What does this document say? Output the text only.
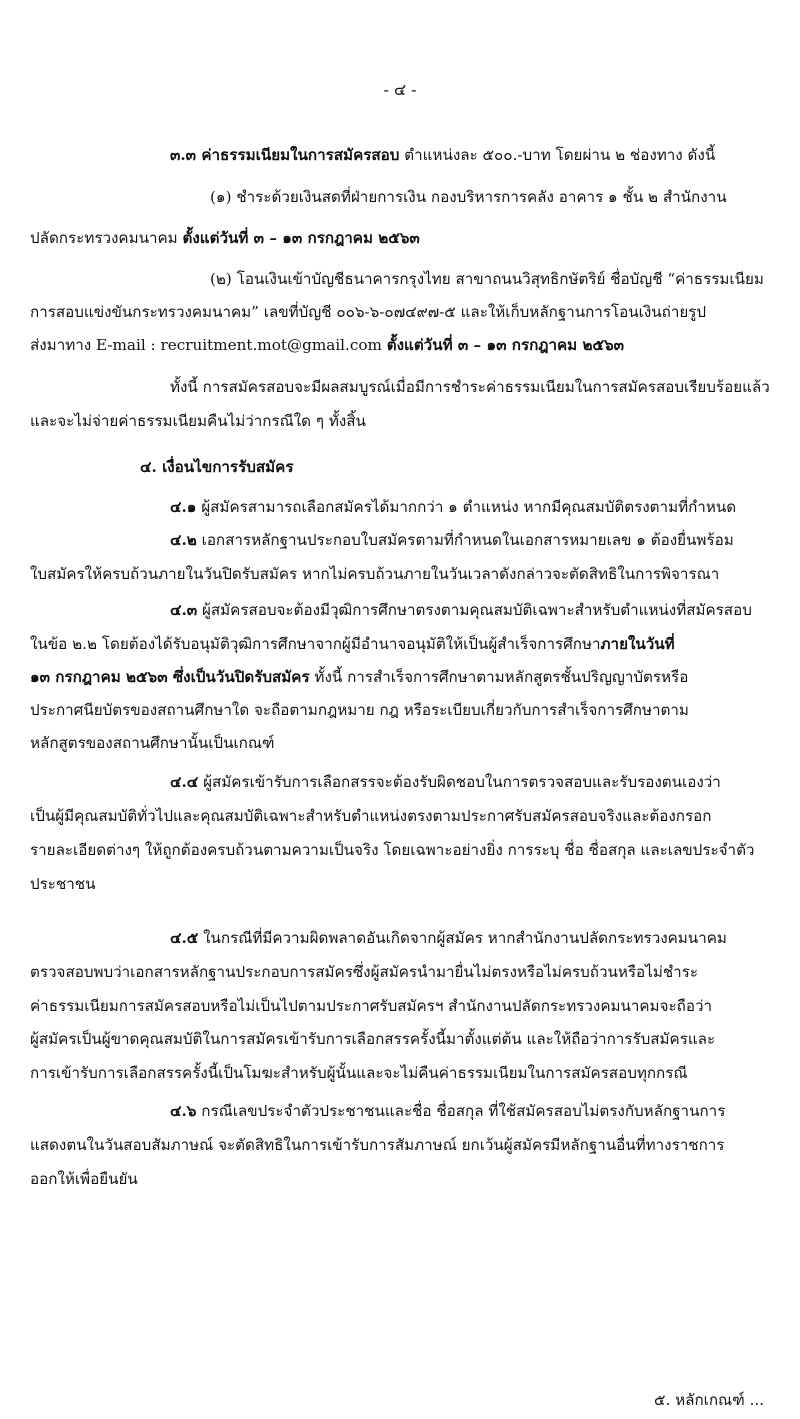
- ๔ -
๓.๓ ค่าธรรมเนียมในการสมัครสอบ ตำแหน่งละ ๕๐๐.-บาท โดยผ่าน ๒ ช่องทาง ดังนี้
(๑) ชำระด้วยเงินสดที่ฝ่ายการเงิน กองบริหารการคลัง อาคาร ๑ ชั้น ๒ สำนักงาน
ปลัดกระทรวงคมนาคม ตั้งแต่วันที่ ๓ – ๑๓ กรกฎาคม ๒๕๖๓
(๒) โอนเงินเข้าบัญชีธนาคารกรุงไทย สาขาถนนวิสุทธิกษัตริย์ ชื่อบัญชี “ค่าธรรมเนียม
การสอบแข่งขันกระทรวงคมนาคม” เลขที่บัญชี ๐๐๖-๖-๐๗๔๙๗-๕ และให้เก็บหลักฐานการโอนเงินถ่ายรูป
ส่งมาทาง E-mail : recruitment.mot@gmail.com ตั้งแต่วันที่ ๓ – ๑๓ กรกฎาคม ๒๕๖๓
ทั้งนี้ การสมัครสอบจะมีผลสมบูรณ์เมื่อมีการชำระค่าธรรมเนียมในการสมัครสอบเรียบร้อยแล้ว
และจะไม่จ่ายค่าธรรมเนียมคืนไม่ว่ากรณีใด ๆ ทั้งสิ้น
๔. เงื่อนไขการรับสมัคร
๔.๑ ผู้สมัครสามารถเลือกสมัครได้มากกว่า ๑ ตำแหน่ง หากมีคุณสมบัติตรงตามที่กำหนด
๔.๒ เอกสารหลักฐานประกอบใบสมัครตามที่กำหนดในเอกสารหมายเลข ๑ ต้องยื่นพร้อม
ใบสมัครให้ครบถ้วนภายในวันปิดรับสมัคร หากไม่ครบถ้วนภายในวันเวลาดังกล่าวจะตัดสิทธิในการพิจารณา
๔.๓ ผู้สมัครสอบจะต้องมีวุฒิการศึกษาตรงตามคุณสมบัติเฉพาะสำหรับตำแหน่งที่สมัครสอบ
ในข้อ ๒.๒ โดยต้องได้รับอนุมัติวุฒิการศึกษาจากผู้มีอำนาจอนุมัติให้เป็นผู้สำเร็จการศึกษาภายในวันที่
๑๓ กรกฎาคม ๒๕๖๓ ซึ่งเป็นวันปิดรับสมัคร ทั้งนี้ การสำเร็จการศึกษาตามหลักสูตรชั้นปริญญาบัตรหรือ
ประกาศนียบัตรของสถานศึกษาใด จะถือตามกฎหมาย กฎ หรือระเบียบเกี่ยวกับการสำเร็จการศึกษาตาม
หลักสูตรของสถานศึกษานั้นเป็นเกณฑ์
๔.๔ ผู้สมัครเข้ารับการเลือกสรรจะต้องรับผิดชอบในการตรวจสอบและรับรองตนเองว่า
เป็นผู้มีคุณสมบัติทั่วไปและคุณสมบัติเฉพาะสำหรับตำแหน่งตรงตามประกาศรับสมัครสอบจริงและต้องกรอก
รายละเอียดต่างๆ ให้ถูกต้องครบถ้วนตามความเป็นจริง โดยเฉพาะอย่างยิ่ง การระบุ ชื่อ ชื่อสกุล และเลขประจำตัว
ประชาชน
๔.๕ ในกรณีที่มีความผิดพลาดอันเกิดจากผู้สมัคร หากสำนักงานปลัดกระทรวงคมนาคม
ตรวจสอบพบว่าเอกสารหลักฐานประกอบการสมัครซึ่งผู้สมัครนำมายื่นไม่ตรงหรือไม่ครบถ้วนหรือไม่ชำระ
ค่าธรรมเนียมการสมัครสอบหรือไม่เป็นไปตามประกาศรับสมัครฯ สำนักงานปลัดกระทรวงคมนาคมจะถือว่า
ผู้สมัครเป็นผู้ขาดคุณสมบัติในการสมัครเข้ารับการเลือกสรรครั้งนี้มาตั้งแต่ต้น และให้ถือว่าการรับสมัครและ
การเข้ารับการเลือกสรรครั้งนี้เป็นโมฆะสำหรับผู้นั้นและจะไม่คืนค่าธรรมเนียมในการสมัครสอบทุกกรณี
๔.๖ กรณีเลขประจำตัวประชาชนและชื่อ ชื่อสกุล ที่ใช้สมัครสอบไม่ตรงกับหลักฐานการ
แสดงตนในวันสอบสัมภาษณ์ จะตัดสิทธิในการเข้ารับการสัมภาษณ์ ยกเว้นผู้สมัครมีหลักฐานอื่นที่ทางราชการ
ออกให้เพื่อยืนยัน
๕. หลักเกณฑ์ ...
